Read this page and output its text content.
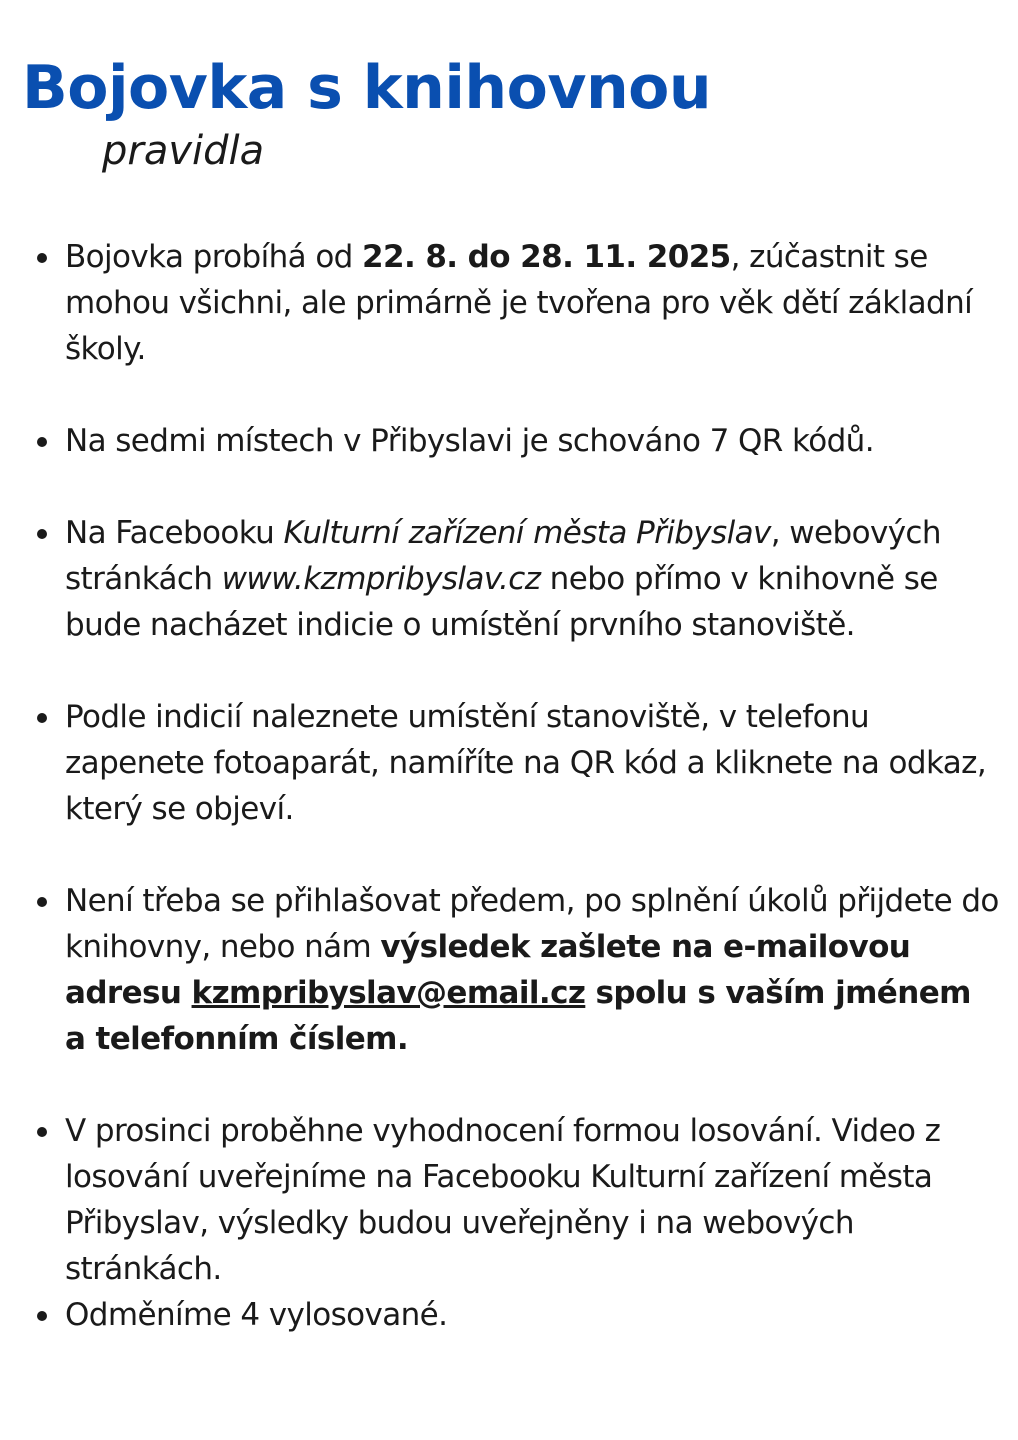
Bojovka s knihovnou
pravidla
Bojovka probíhá od 22. 8. do 28. 11. 2025, zúčastnit se mohou všichni, ale primárně je tvořena pro věk dětí základní školy.
Na sedmi místech v Přibyslavi je schováno 7 QR kódů.
Na Facebooku Kulturní zařízení města Přibyslav, webových stránkách www.kzmpribyslav.cz nebo přímo v knihovně se bude nacházet indicie o umístění prvního stanoviště.
Podle indicií naleznete umístění stanoviště, v telefonu zapenete fotoaparát, namíříte na QR kód a kliknete na odkaz, který se objeví.
Není třeba se přihlašovat předem, po splnění úkolů přijdete do knihovny, nebo nám výsledek zašlete na e-mailovou adresu kzmpribyslav@email.cz spolu s vaším jménem a telefonním číslem.
V prosinci proběhne vyhodnocení formou losování. Video z losování uveřejníme na Facebooku Kulturní zařízení města Přibyslav, výsledky budou uveřejněny i na webových stránkách.
Odměníme 4 vylosované.
